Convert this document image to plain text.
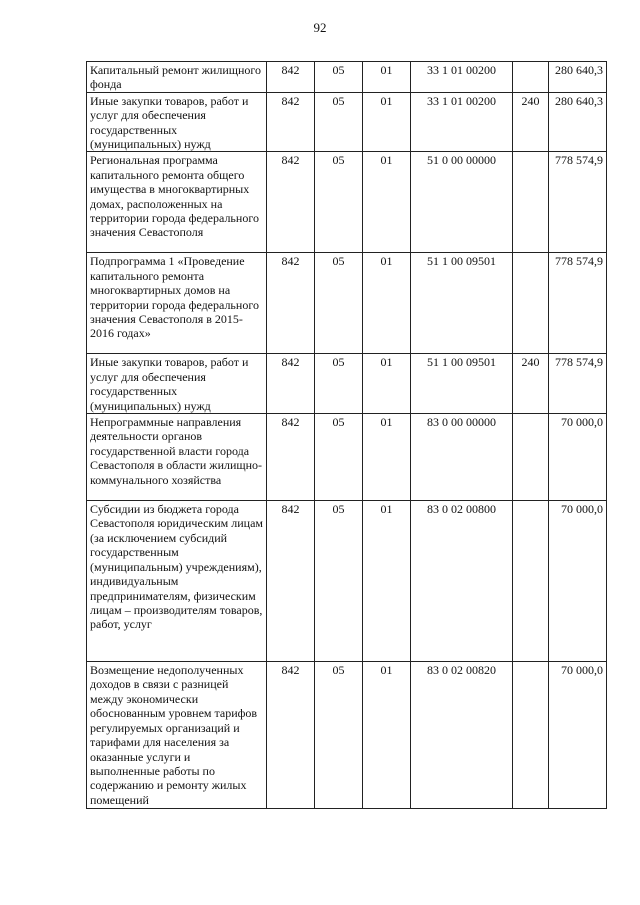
92
Капитальный ремонт жилищного фонда	842	05	01	33 1 01 00200		280 640,3
Иные закупки товаров, работ и услуг для обеспечения государственных (муниципальных) нужд	842	05	01	33 1 01 00200	240	280 640,3
Региональная программа капитального ремонта общего имущества в многоквартирных домах, расположенных на территории города федерального значения Севастополя	842	05	01	51 0 00 00000		778 574,9
Подпрограмма 1 «Проведение капитального ремонта многоквартирных домов на территории города федерального значения Севастополя в 2015-2016 годах»	842	05	01	51 1 00 09501		778 574,9
Иные закупки товаров, работ и услуг для обеспечения государственных (муниципальных) нужд	842	05	01	51 1 00 09501	240	778 574,9
Непрограммные направления деятельности органов государственной власти города Севастополя в области жилищно-коммунального хозяйства	842	05	01	83 0 00 00000		70 000,0
Субсидии из бюджета города Севастополя юридическим лицам (за исключением субсидий государственным (муниципальным) учреждениям), индивидуальным предпринимателям, физическим лицам – производителям товаров, работ, услуг	842	05	01	83 0 02 00800		70 000,0
Возмещение недополученных доходов в связи с разницей между экономически обоснованным уровнем тарифов регулируемых организаций и тарифами для населения за оказанные услуги и выполненные работы по содержанию и ремонту жилых помещений	842	05	01	83 0 02 00820		70 000,0
